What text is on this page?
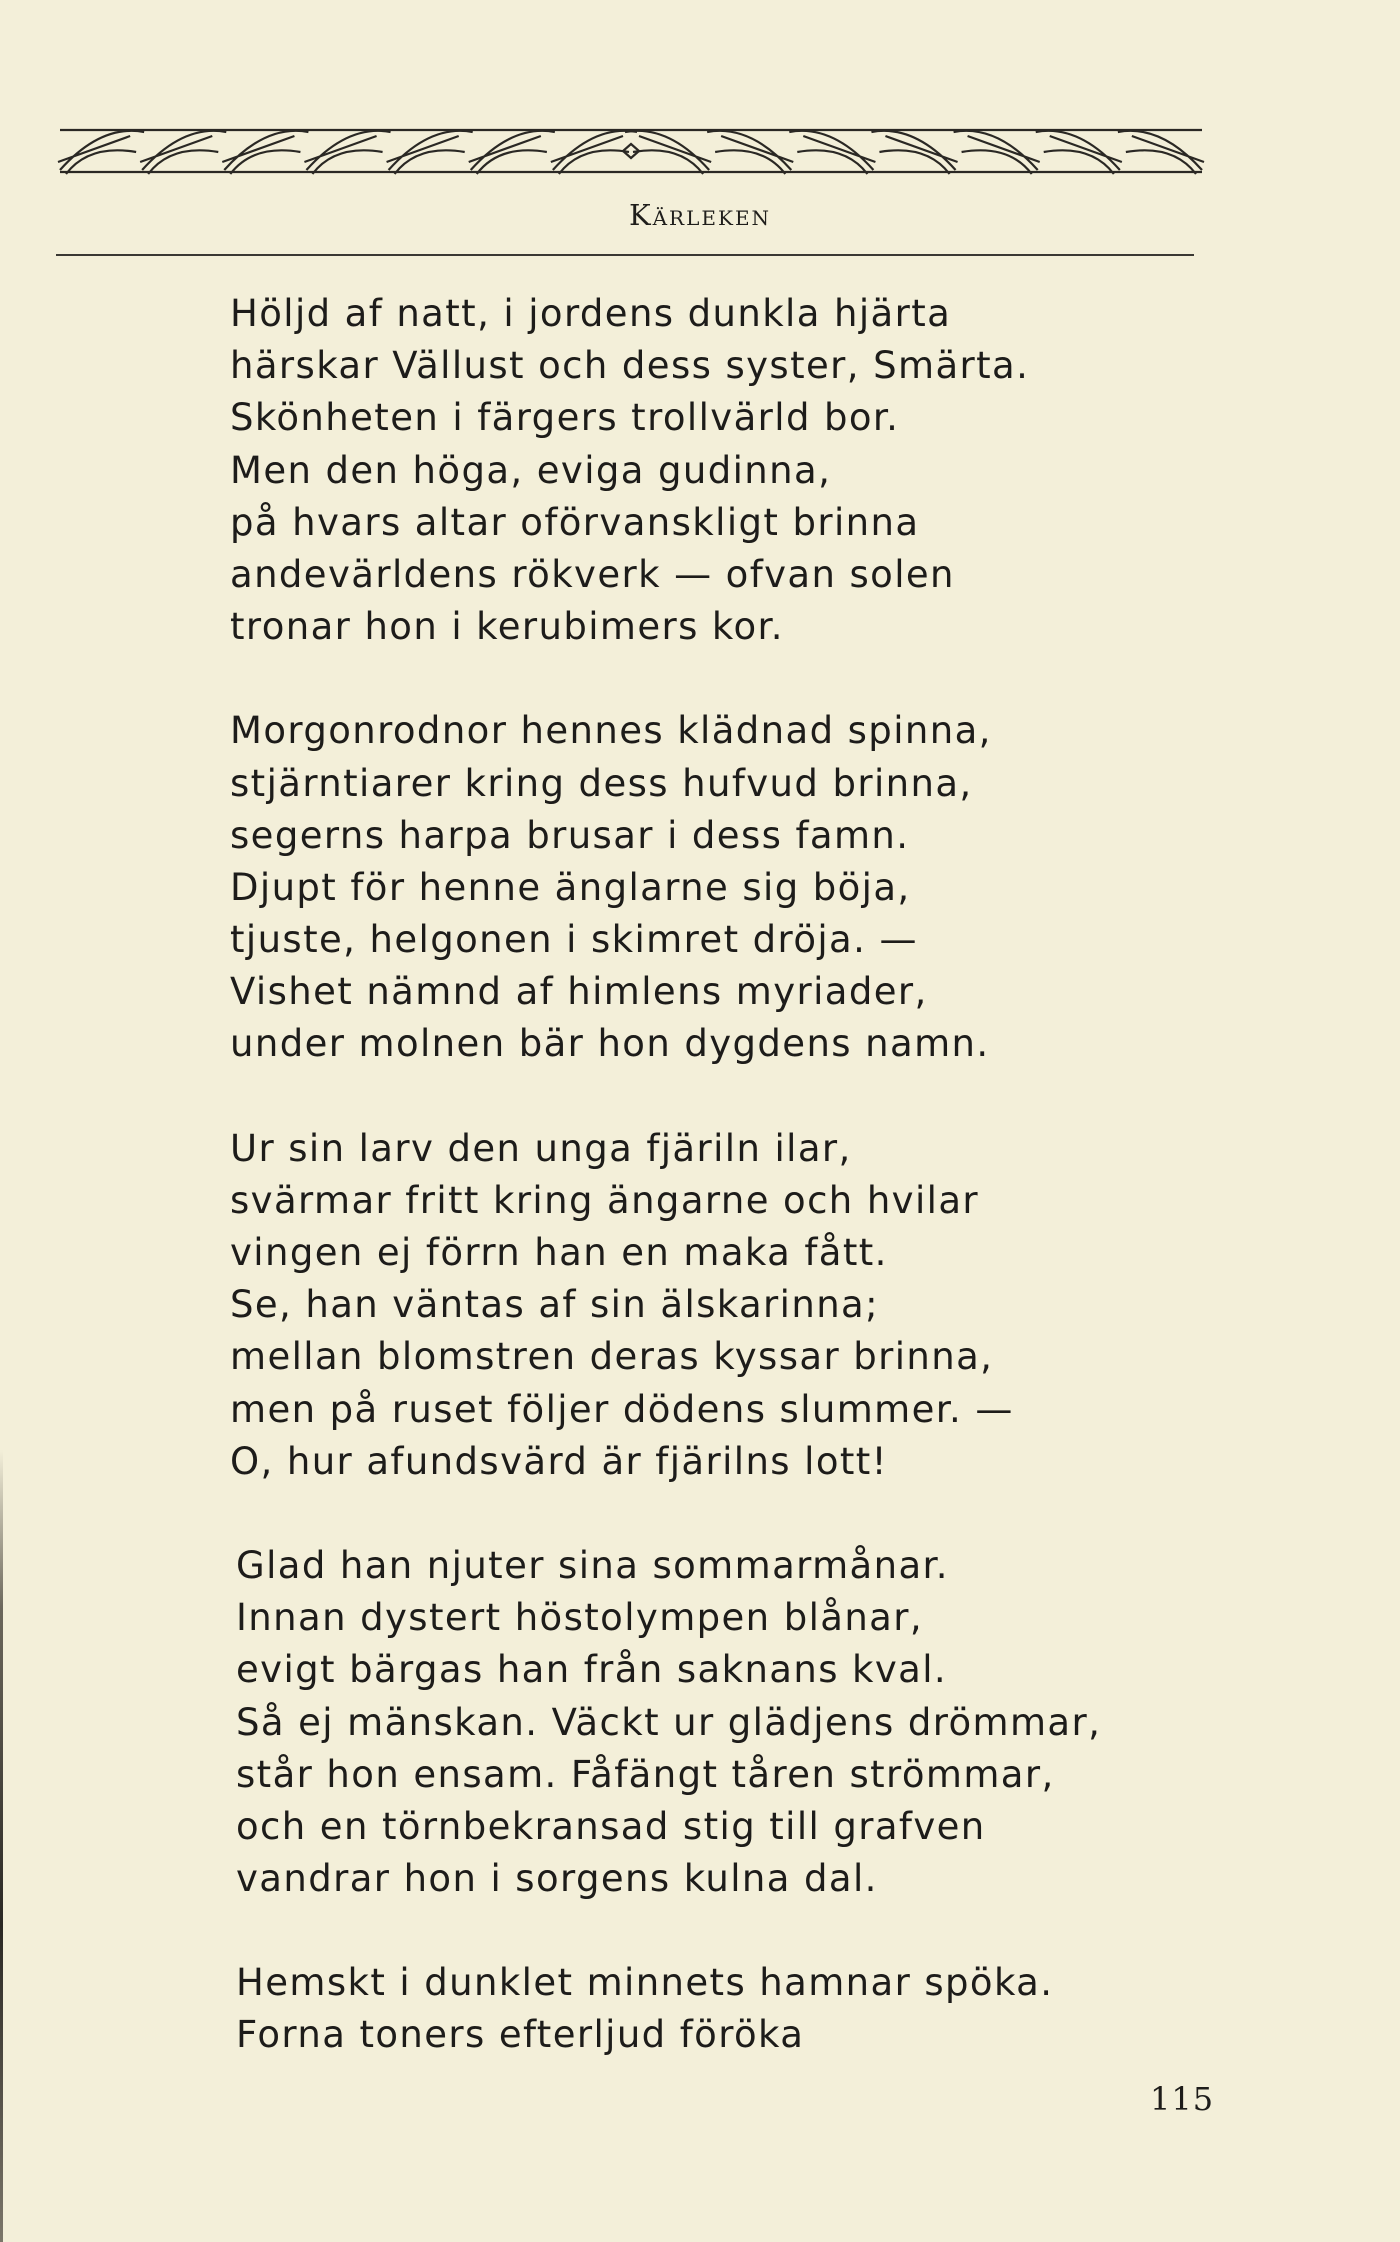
Kärleken
Höljd af natt, i jordens dunkla hjärta
härskar Vällust och dess syster, Smärta.
Skönheten i färgers trollvärld bor.
Men den höga, eviga gudinna,
på hvars altar oförvanskligt brinna
andevärldens rökverk — ofvan solen
tronar hon i kerubimers kor.
Morgonrodnor hennes klädnad spinna,
stjärntiarer kring dess hufvud brinna,
segerns harpa brusar i dess famn.
Djupt för henne änglarne sig böja,
tjuste, helgonen i skimret dröja. —
Vishet nämnd af himlens myriader,
under molnen bär hon dygdens namn.
Ur sin larv den unga fjäriln ilar,
svärmar fritt kring ängarne och hvilar
vingen ej förrn han en maka fått.
Se, han väntas af sin älskarinna;
mellan blomstren deras kyssar brinna,
men på ruset följer dödens slummer. —
O, hur afundsvärd är fjärilns lott!
Glad han njuter sina sommarmånar.
Innan dystert höstolympen blånar,
evigt bärgas han från saknans kval.
Så ej mänskan. Väckt ur glädjens drömmar,
står hon ensam. Fåfängt tåren strömmar,
och en törnbekransad stig till grafven
vandrar hon i sorgens kulna dal.
Hemskt i dunklet minnets hamnar spöka.
Forna toners efterljud föröka
115
